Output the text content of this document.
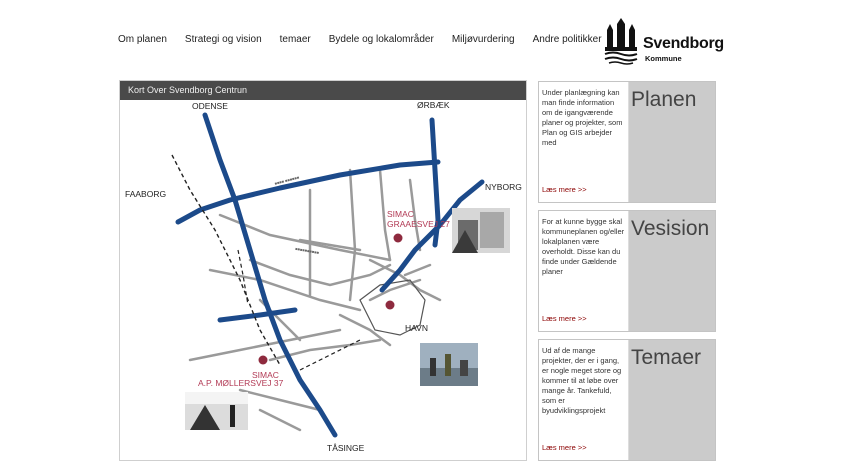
Om planen Strategi og vision temaer Bydele og lokalområder Miljøvurdering Andre politikker	Svendborg
Kommune
Kort Over Svendborg Centrun
■■■■ ■■■■■■
■■■■■■■■■■
ODENSE	ØRBÆK
FAABORG
NYBORG
TÅSINGE
HAVN
SIMAC
GRAAESVEJ 27
SIMAC
A.P. MØLLERSVEJ 37
Under planlægning kan man finde information om de igangværende planer og projekter, som Plan og GIS arbejder med
Læs mere >>
Planen
For at kunne bygge skal kommuneplanen og/eller lokalplanen være overholdt. Disse kan du finde under Gældende planer
Læs mere >>
Vesision
Ud af de mange projekter, der er i gang, er nogle meget store og kommer til at løbe over mange år. Tankefuld, som er byudviklingsprojekt
Læs mere >>
Temaer
